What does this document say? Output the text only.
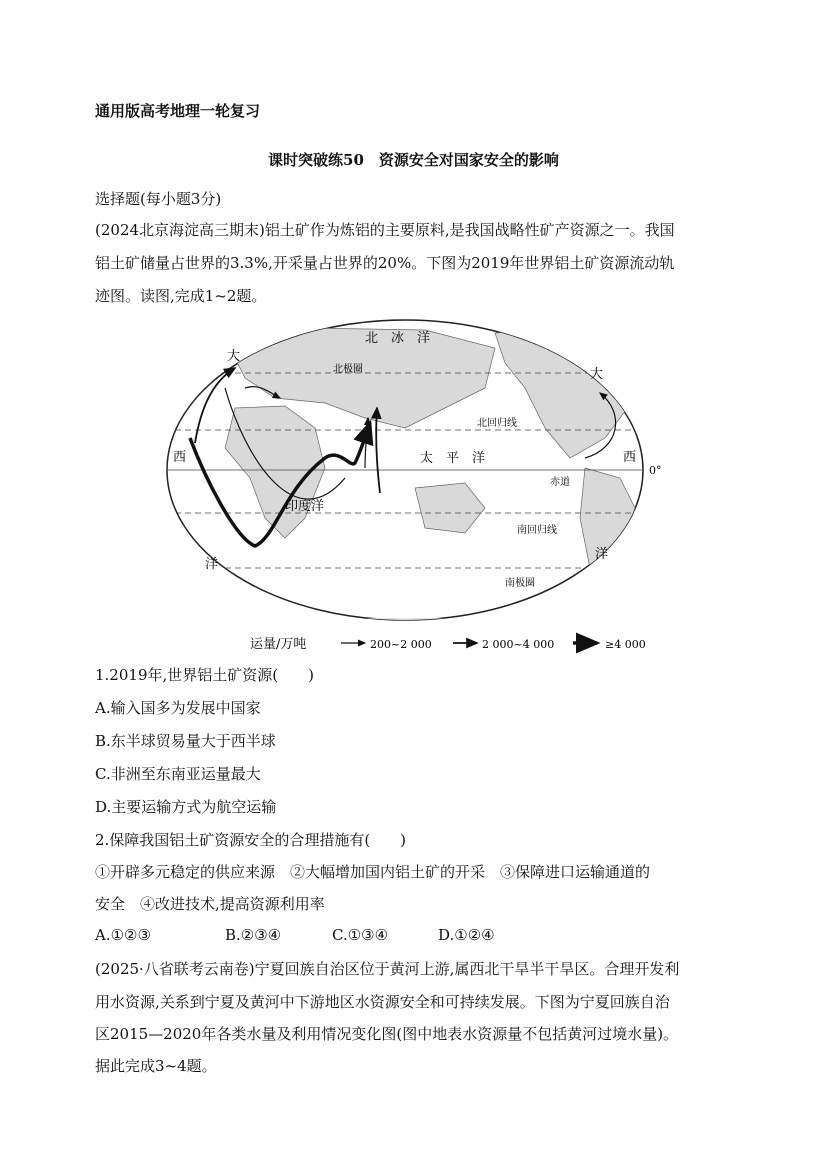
通用版高考地理一轮复习
课时突破练50　资源安全对国家安全的影响
选择题(每小题3分)
(2024北京海淀高三期末)铝土矿作为炼铝的主要原料,是我国战略性矿产资源之一。我国
铝土矿储量占世界的3.3%,开采量占世界的20%。下图为2019年世界铝土矿资源流动轨
迹图。读图,完成1~2题。
北　冰　洋
北极圈
北回归线
太　平　洋
赤道
南回归线
南极圈
印度洋
大
西
洋
大
西
洋
0°
运量/万吨	200~2 000	2 000~4 000	≥4 000
1.2019年,世界铝土矿资源(　　)
A.输入国多为发展中国家
B.东半球贸易量大于西半球
C.非洲至东南亚运量最大
D.主要运输方式为航空运输
2.保障我国铝土矿资源安全的合理措施有(　　)
①开辟多元稳定的供应来源　②大幅增加国内铝土矿的开采　③保障进口运输通道的
安全　④改进技术,提高资源利用率
A.①②③	B.②③④	C.①③④	D.①②④
(2025·八省联考云南卷)宁夏回族自治区位于黄河上游,属西北干旱半干旱区。合理开发利
用水资源,关系到宁夏及黄河中下游地区水资源安全和可持续发展。下图为宁夏回族自治
区2015—2020年各类水量及利用情况变化图(图中地表水资源量不包括黄河过境水量)。
据此完成3~4题。
